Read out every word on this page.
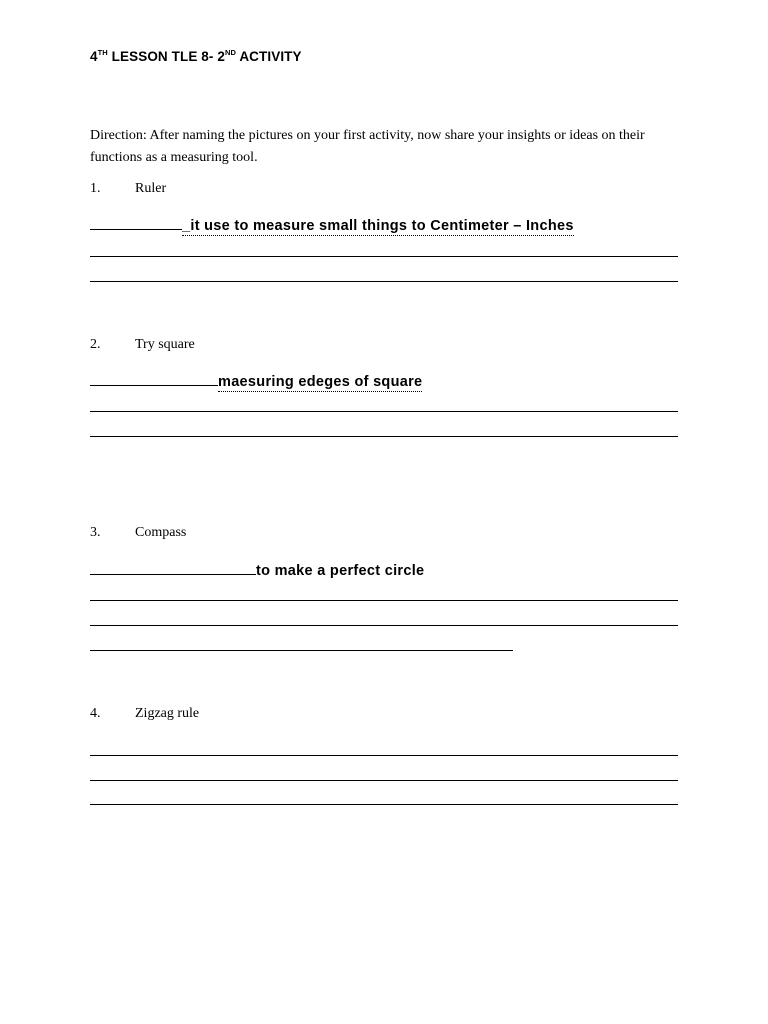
4TH LESSON TLE 8- 2ND ACTIVITY
Direction: After naming the pictures on your first activity, now share your insights or ideas on their functions as a measuring tool.
1. Ruler
_it use to measure small things to Centimeter – Inches
2. Try square
maesuring edeges of square
3. Compass
to make a perfect circle
4. Zigzag rule
